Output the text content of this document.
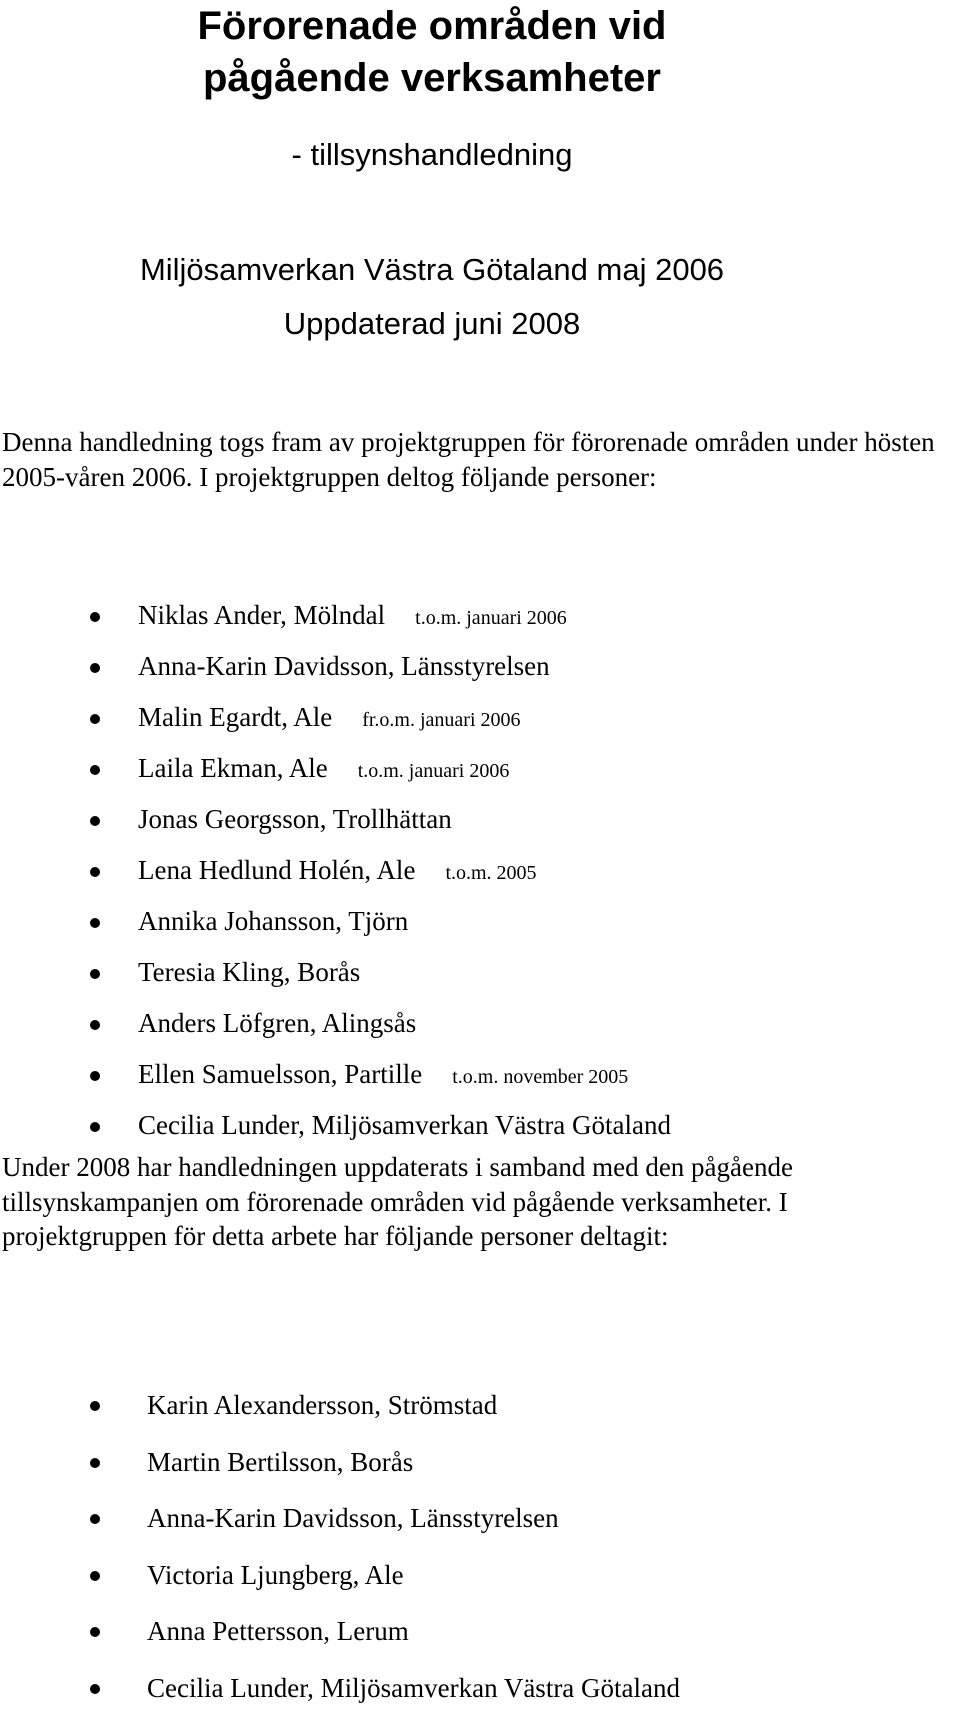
Förorenade områden vid
pågående verksamheter

- tillsynshandledning

Miljösamverkan Västra Götaland maj 2006

Uppdaterad juni 2008

Denna handledning togs fram av projektgruppen för förorenade områden under hösten 2005-våren 2006. I projektgruppen deltog följande personer:

Niklas Ander, Mölndal t.o.m. januari 2006
Anna-Karin Davidsson, Länsstyrelsen
Malin Egardt, Ale fr.o.m. januari 2006
Laila Ekman, Ale t.o.m. januari 2006
Jonas Georgsson, Trollhättan
Lena Hedlund Holén, Ale t.o.m. 2005
Annika Johansson, Tjörn
Teresia Kling, Borås
Anders Löfgren, Alingsås
Ellen Samuelsson, Partille t.o.m. november 2005
Cecilia Lunder, Miljösamverkan Västra Götaland

Under 2008 har handledningen uppdaterats i samband med den pågående tillsynskampanjen om förorenade områden vid pågående verksamheter. I projektgruppen för detta arbete har följande personer deltagit:

Karin Alexandersson, Strömstad
Martin Bertilsson, Borås
Anna-Karin Davidsson, Länsstyrelsen
Victoria Ljungberg, Ale
Anna Pettersson, Lerum
Cecilia Lunder, Miljösamverkan Västra Götaland
